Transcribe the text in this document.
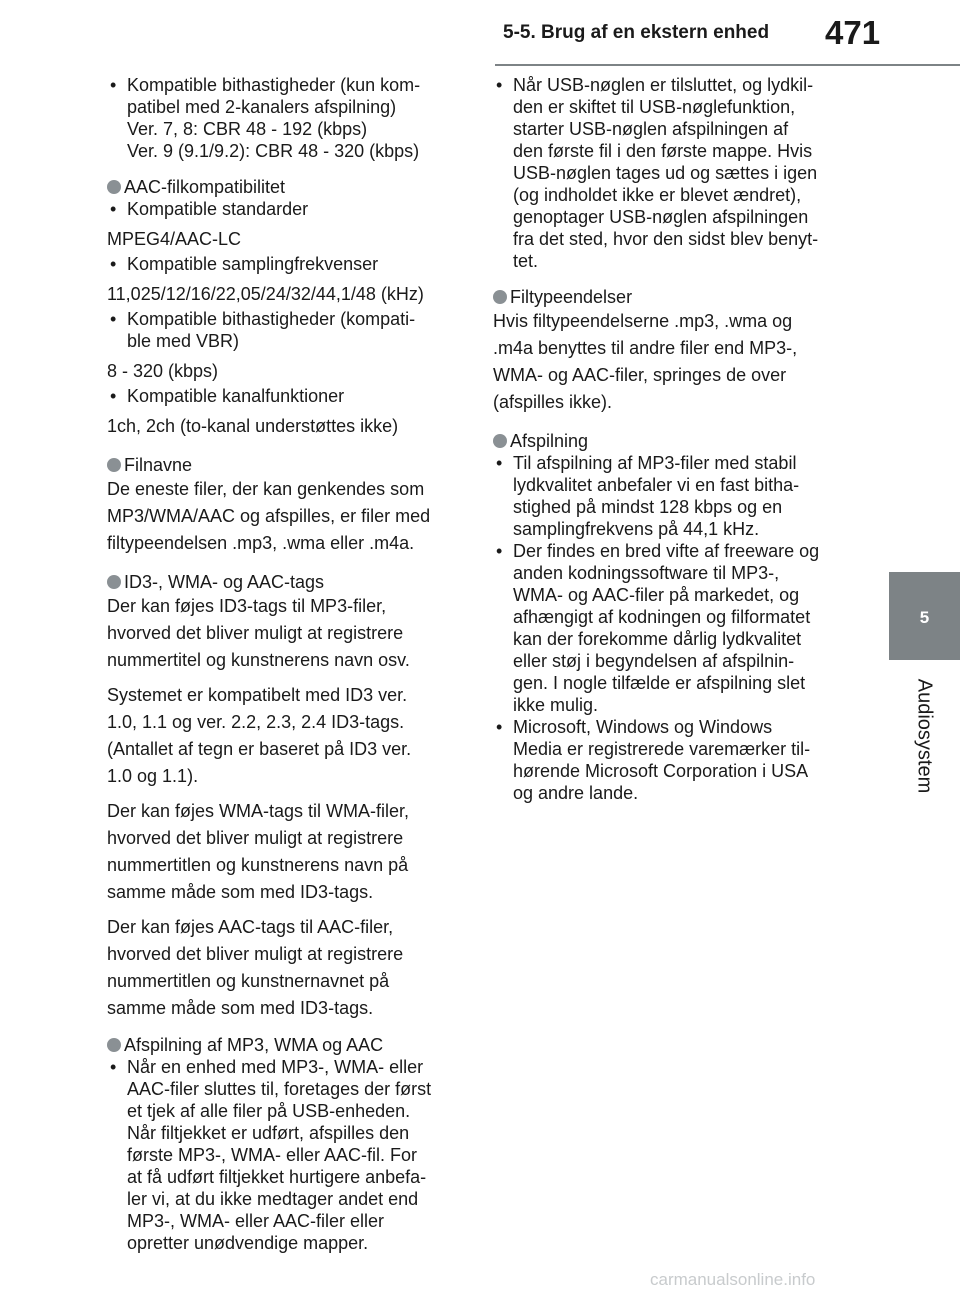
5-5. Brug af en ekstern enhed 471
5
Audiosystem
• Kompatible bithastigheder (kun kom-
patibel med 2-kanalers afspilning)
Ver. 7, 8: CBR 48 - 192 (kbps)
Ver. 9 (9.1/9.2): CBR 48 - 320 (kbps)
AAC-filkompatibilitet
• Kompatible standarder
MPEG4/AAC-LC
• Kompatible samplingfrekvenser
11,025/12/16/22,05/24/32/44,1/48 (kHz)
• Kompatible bithastigheder (kompati-
ble med VBR)
8 - 320 (kbps)
• Kompatible kanalfunktioner
1ch, 2ch (to-kanal understøttes ikke)
Filnavne
De eneste filer, der kan genkendes som
MP3/WMA/AAC og afspilles, er filer med
filtypeendelsen .mp3, .wma eller .m4a.
ID3-, WMA- og AAC-tags
Der kan føjes ID3-tags til MP3-filer,
hvorved det bliver muligt at registrere
nummertitel og kunstnerens navn osv.
Systemet er kompatibelt med ID3 ver.
1.0, 1.1 og ver. 2.2, 2.3, 2.4 ID3-tags.
(Antallet af tegn er baseret på ID3 ver.
1.0 og 1.1).
Der kan føjes WMA-tags til WMA-filer,
hvorved det bliver muligt at registrere
nummertitlen og kunstnerens navn på
samme måde som med ID3-tags.
Der kan føjes AAC-tags til AAC-filer,
hvorved det bliver muligt at registrere
nummertitlen og kunstnernavnet på
samme måde som med ID3-tags.
Afspilning af MP3, WMA og AAC
• Når en enhed med MP3-, WMA- eller
AAC-filer sluttes til, foretages der først
et tjek af alle filer på USB-enheden.
Når filtjekket er udført, afspilles den
første MP3-, WMA- eller AAC-fil. For
at få udført filtjekket hurtigere anbefa-
ler vi, at du ikke medtager andet end
MP3-, WMA- eller AAC-filer eller
opretter unødvendige mapper.
• Når USB-nøglen er tilsluttet, og lydkil-
den er skiftet til USB-nøglefunktion,
starter USB-nøglen afspilningen af
den første fil i den første mappe. Hvis
USB-nøglen tages ud og sættes i igen
(og indholdet ikke er blevet ændret),
genoptager USB-nøglen afspilningen
fra det sted, hvor den sidst blev benyt-
tet.
Filtypeendelser
Hvis filtypeendelserne .mp3, .wma og
.m4a benyttes til andre filer end MP3-,
WMA- og AAC-filer, springes de over
(afspilles ikke).
Afspilning
• Til afspilning af MP3-filer med stabil
lydkvalitet anbefaler vi en fast bitha-
stighed på mindst 128 kbps og en
samplingfrekvens på 44,1 kHz.
• Der findes en bred vifte af freeware og
anden kodningssoftware til MP3-,
WMA- og AAC-filer på markedet, og
afhængigt af kodningen og filformatet
kan der forekomme dårlig lydkvalitet
eller støj i begyndelsen af afspilnin-
gen. I nogle tilfælde er afspilning slet
ikke mulig.
• Microsoft, Windows og Windows
Media er registrerede varemærker til-
hørende Microsoft Corporation i USA
og andre lande.
carmanualsonline.info
